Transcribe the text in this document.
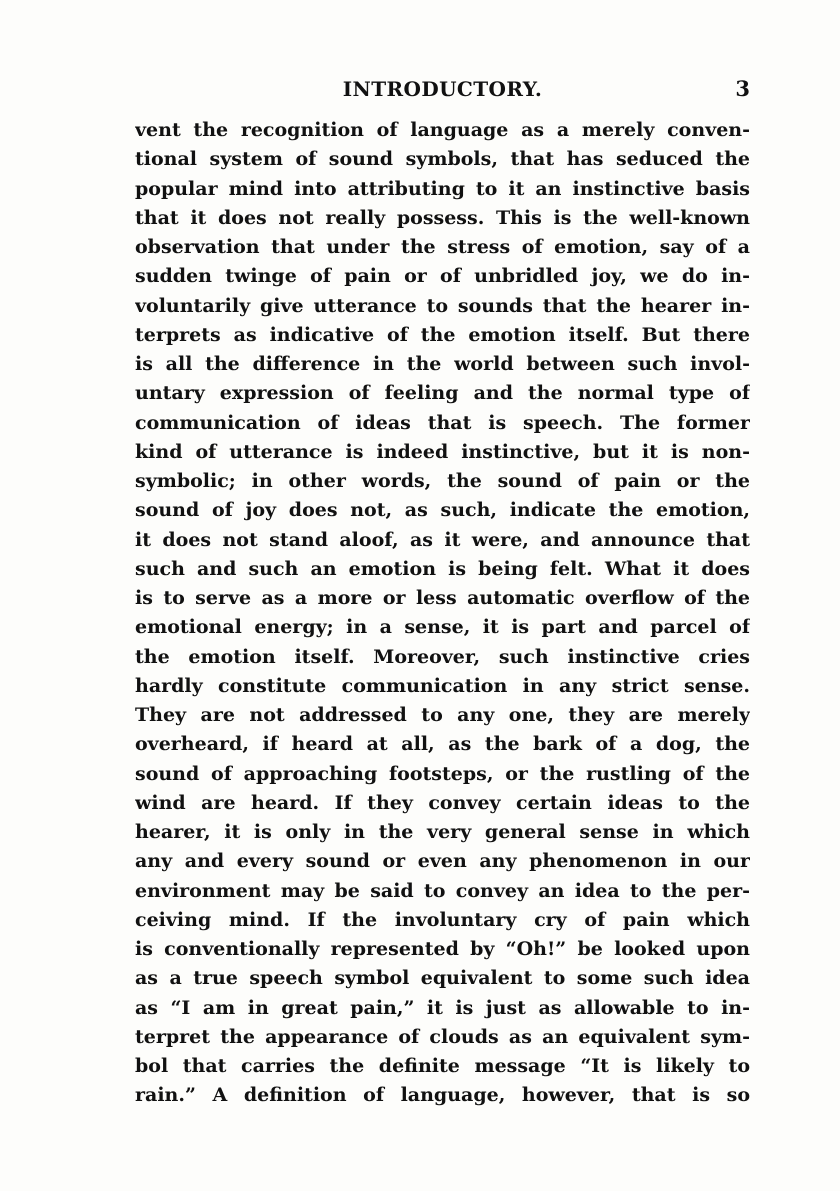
INTRODUCTORY.	3
vent the recognition of language as a merely conven-
tional system of sound symbols, that has seduced the
popular mind into attributing to it an instinctive basis
that it does not really possess. This is the well-known
observation that under the stress of emotion, say of a
sudden twinge of pain or of unbridled joy, we do in-
voluntarily give utterance to sounds that the hearer in-
terprets as indicative of the emotion itself. But there
is all the difference in the world between such invol-
untary expression of feeling and the normal type of
communication of ideas that is speech. The former
kind of utterance is indeed instinctive, but it is non-
symbolic; in other words, the sound of pain or the
sound of joy does not, as such, indicate the emotion,
it does not stand aloof, as it were, and announce that
such and such an emotion is being felt. What it does
is to serve as a more or less automatic overflow of the
emotional energy; in a sense, it is part and parcel of
the emotion itself. Moreover, such instinctive cries
hardly constitute communication in any strict sense.
They are not addressed to any one, they are merely
overheard, if heard at all, as the bark of a dog, the
sound of approaching footsteps, or the rustling of the
wind are heard. If they convey certain ideas to the
hearer, it is only in the very general sense in which
any and every sound or even any phenomenon in our
environment may be said to convey an idea to the per-
ceiving mind. If the involuntary cry of pain which
is conventionally represented by “Oh!” be looked upon
as a true speech symbol equivalent to some such idea
as “I am in great pain,” it is just as allowable to in-
terpret the appearance of clouds as an equivalent sym-
bol that carries the definite message “It is likely to
rain.” A definition of language, however, that is so
